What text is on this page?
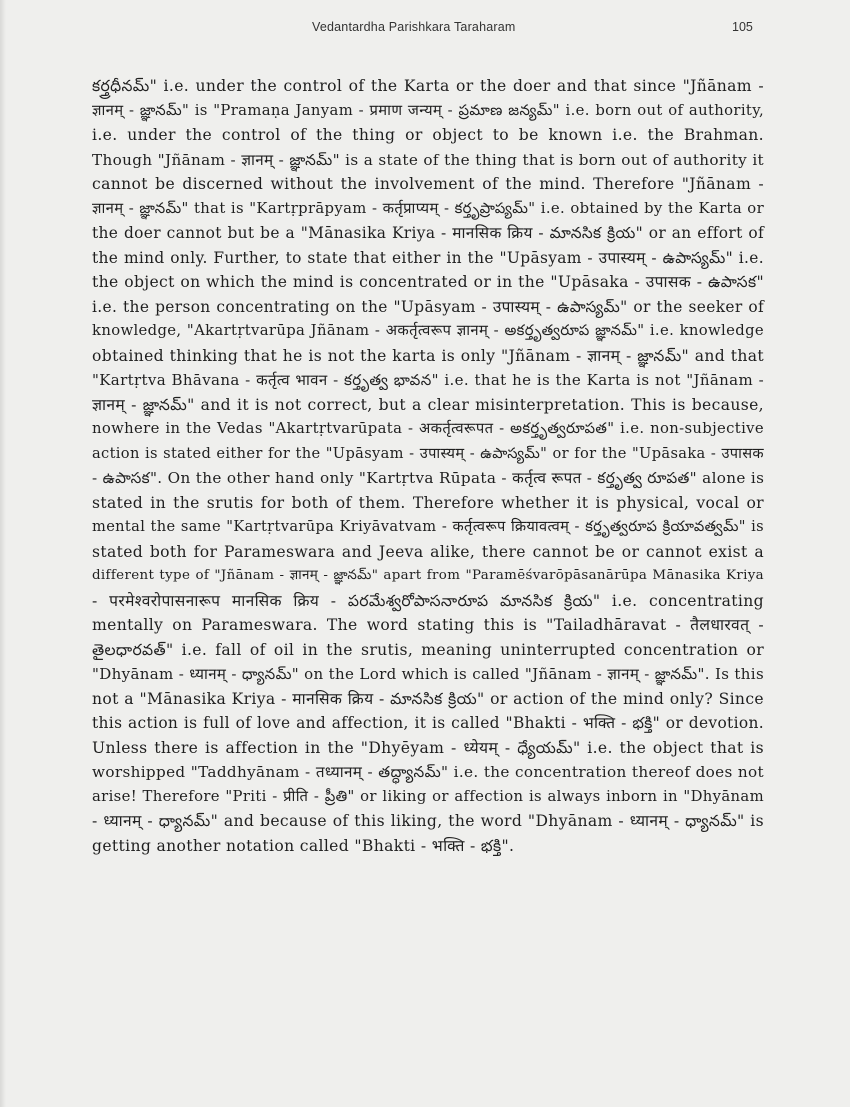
Vedantardha Parishkara Taraharam	105
కర్త్రధీనమ్" i.e. under the control of the Karta or the doer and that since "Jñānam -
ज्ञानम् - జ్ఞానమ్" is "Pramaṇa Janyam - प्रमाण जन्यम् - ప్రమాణ జన్యమ్" i.e. born out of authority,
i.e. under the control of the thing or object to be known i.e. the Brahman.
Though "Jñānam - ज्ञानम् - జ్ఞానమ్" is a state of the thing that is born out of authority it
cannot be discerned without the involvement of the mind. Therefore "Jñānam -
ज्ञानम् - జ్ఞానమ్" that is "Kartṛprāpyam - कर्तृप्राप्यम् - కర్తృప్రాప్యమ్" i.e. obtained by the Karta or
the doer cannot but be a "Mānasika Kriya - मानसिक क्रिय - మానసిక క్రియ" or an effort of
the mind only. Further, to state that either in the "Upāsyam - उपास्यम् - ఉపాస్యమ్" i.e.
the object on which the mind is concentrated or in the "Upāsaka - उपासक - ఉపాసక"
i.e. the person concentrating on the "Upāsyam - उपास्यम् - ఉపాస్యమ్" or the seeker of
knowledge, "Akartṛtvarūpa Jñānam - अकर्तृत्वरूप ज्ञानम् - అకర్తృత్వరూప జ్ఞానమ్" i.e. knowledge
obtained thinking that he is not the karta is only "Jñānam - ज्ञानम् - జ్ఞానమ్" and that
"Kartṛtva Bhāvana - कर्तृत्व भावन - కర్తృత్వ భావన" i.e. that he is the Karta is not "Jñānam -
ज्ञानम् - జ్ఞానమ్" and it is not correct, but a clear misinterpretation. This is because,
nowhere in the Vedas "Akartṛtvarūpata - अकर्तृत्वरूपत - అకర్తృత్వరూపత" i.e. non-subjective
action is stated either for the "Upāsyam - उपास्यम् - ఉపాస్యమ్" or for the "Upāsaka - उपासक
- ఉపాసక". On the other hand only "Kartṛtva Rūpata - कर्तृत्व रूपत - కర్తృత్వ రూపత" alone is
stated in the srutis for both of them. Therefore whether it is physical, vocal or
mental the same "Kartṛtvarūpa Kriyāvatvam - कर्तृत्वरूप क्रियावत्वम् - కర్తృత్వరూప క్రియావత్వమ్" is
stated both for Parameswara and Jeeva alike, there cannot be or cannot exist a
different type of "Jñānam - ज्ञानम् - జ్ఞానమ్" apart from "Paramēśvarōpāsanārūpa Mānasika Kriya
- परमेश्वरोपासनारूप मानसिक क्रिय - పరమేశ్వరోపాసనారూప మానసిక క్రియ" i.e. concentrating
mentally on Parameswara. The word stating this is "Tailadhāravat - तैलधारवत् -
తైలధారవత్" i.e. fall of oil in the srutis, meaning uninterrupted concentration or
"Dhyānam - ध्यानम् - ధ్యానమ్" on the Lord which is called "Jñānam - ज्ञानम् - జ్ఞానమ్". Is this
not a "Mānasika Kriya - मानसिक क्रिय - మానసిక క్రియ" or action of the mind only? Since
this action is full of love and affection, it is called "Bhakti - भक्ति - భక్తి" or devotion.
Unless there is affection in the "Dhyēyam - ध्येयम् - ధ్యేయమ్" i.e. the object that is
worshipped "Taddhyānam - तध्यानम् - తద్ధ్యానమ్" i.e. the concentration thereof does not
arise! Therefore "Priti - प्रीति - ప్రీతి" or liking or affection is always inborn in "Dhyānam
- ध्यानम् - ధ్యానమ్" and because of this liking, the word "Dhyānam - ध्यानम् - ధ్యానమ్" is
getting another notation called "Bhakti - भक्ति - భక్తి".
